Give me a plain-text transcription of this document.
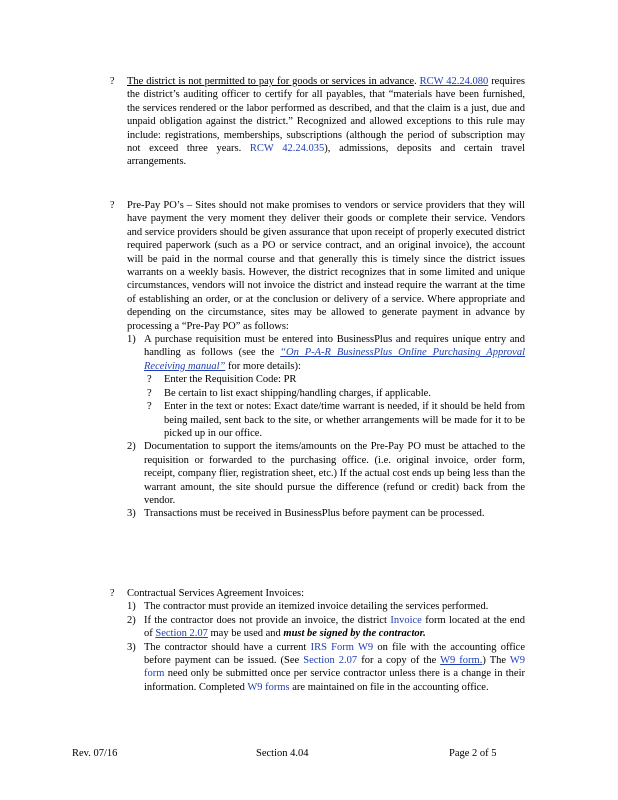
? The district is not permitted to pay for goods or services in advance. RCW 42.24.080 requires the district’s auditing officer to certify for all payables, that “materials have been furnished, the services rendered or the labor performed as described, and that the claim is a just, due and unpaid obligation against the district.” Recognized and allowed exceptions to this rule may include: registrations, memberships, subscriptions (although the period of subscription may not exceed three years. RCW 42.24.035), admissions, deposits and certain travel arrangements.

? Pre-Pay PO’s – Sites should not make promises to vendors or service providers that they will have payment the very moment they deliver their goods or complete their service. Vendors and service providers should be given assurance that upon receipt of properly executed district required paperwork (such as a PO or service contract, and an original invoice), the account will be paid in the normal course and that generally this is timely since the district issues warrants on a weekly basis. However, the district recognizes that in some limited and unique circumstances, vendors will not invoice the district and instead require the warrant at the time of establishing an order, or at the conclusion or delivery of a service. Where appropriate and depending on the circumstance, sites may be allowed to generate payment in advance by processing a “Pre-Pay PO” as follows:

1) A purchase requisition must be entered into BusinessPlus and requires unique entry and handling as follows (see the “On P-A-R BusinessPlus Online Purchasing Approval Receiving manual” for more details):
? Enter the Requisition Code: PR
? Be certain to list exact shipping/handling charges, if applicable.
? Enter in the text or notes: Exact date/time warrant is needed, if it should be held from being mailed, sent back to the site, or whether arrangements will be made for it to be picked up in our office.
2) Documentation to support the items/amounts on the Pre-Pay PO must be attached to the requisition or forwarded to the purchasing office. (i.e. original invoice, order form, receipt, company flier, registration sheet, etc.) If the actual cost ends up being less than the warrant amount, the site should pursue the difference (refund or credit) back from the vendor.
3) Transactions must be received in BusinessPlus before payment can be processed.
? Contractual Services Agreement Invoices:

1) The contractor must provide an itemized invoice detailing the services performed.
2) If the contractor does not provide an invoice, the district Invoice form located at the end of Section 2.07 may be used and must be signed by the contractor.
3) The contractor should have a current IRS Form W9 on file with the accounting office before payment can be issued. (See Section 2.07 for a copy of the W9 form.) The W9 form need only be submitted once per service contractor unless there is a change in their information. Completed W9 forms are maintained on file in the accounting office.
Rev. 07/16	Section 4.04	Page 2 of 5
